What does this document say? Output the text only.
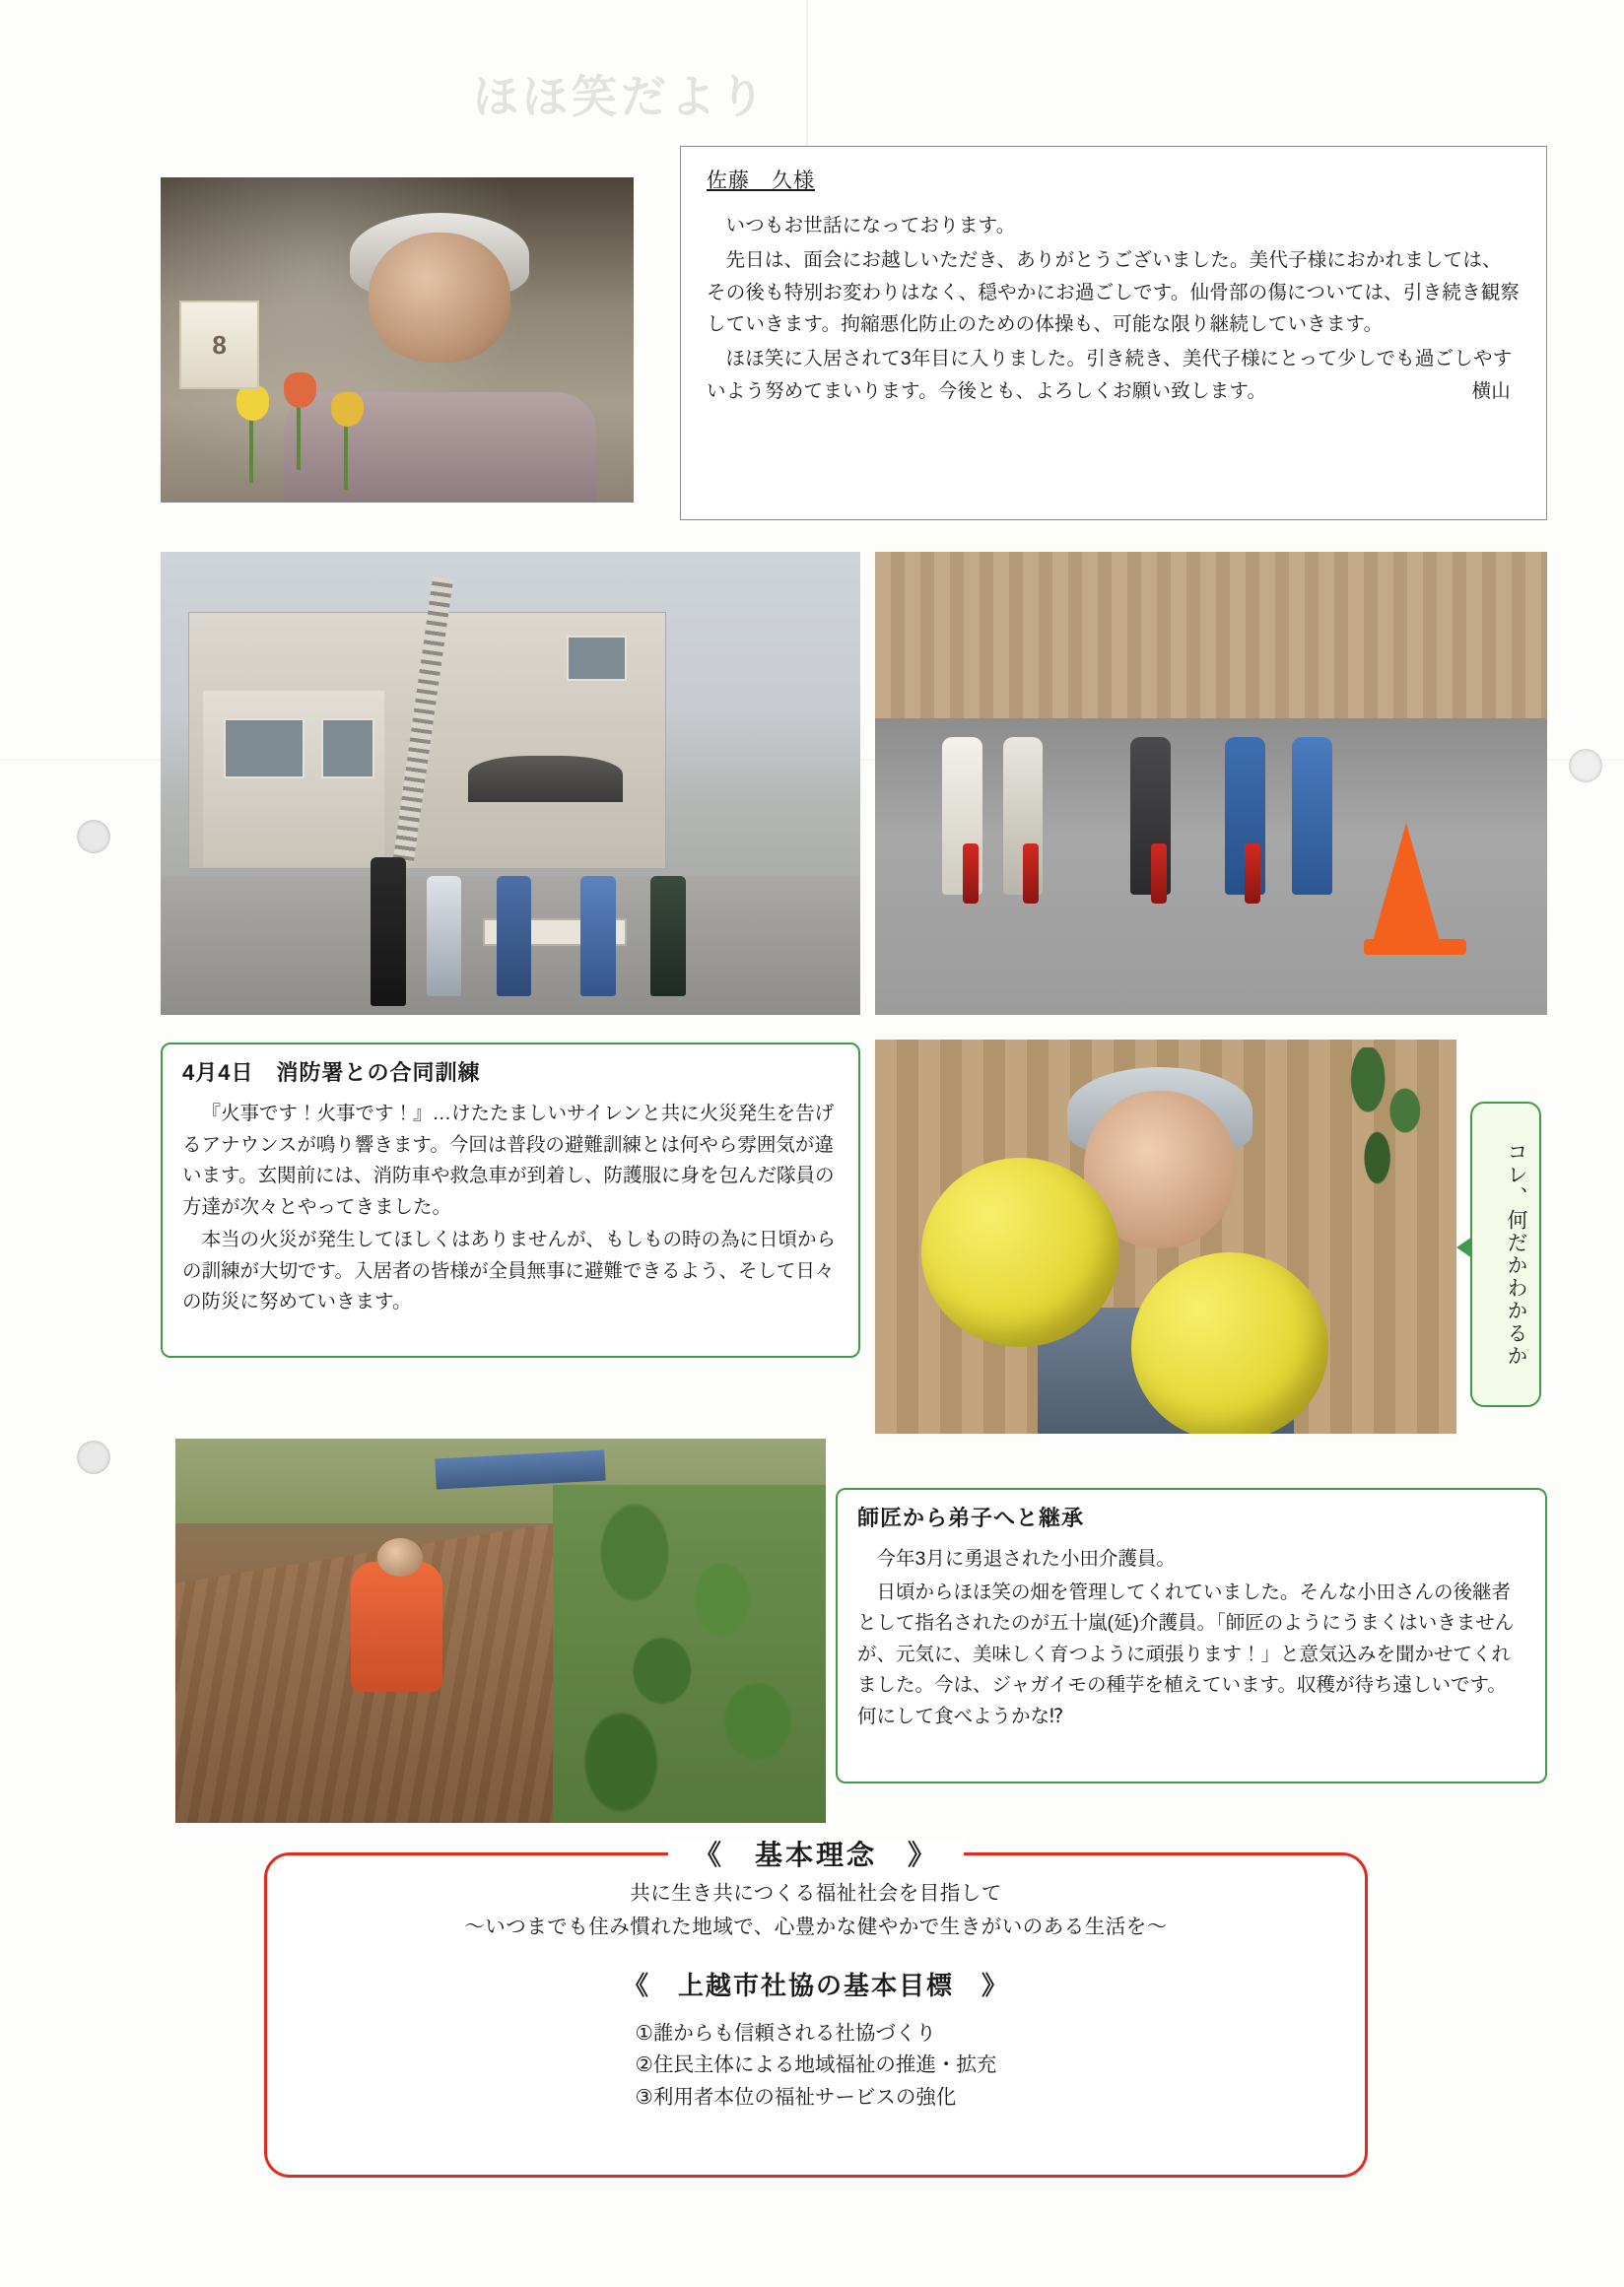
ほほ笑だより
8
佐藤　久様

いつもお世話になっております。

先日は、面会にお越しいただき、ありがとうございました。美代子様におかれましては、その後も特別お変わりはなく、穏やかにお過ごしです。仙骨部の傷については、引き続き観察していきます。拘縮悪化防止のための体操も、可能な限り継続していきます。

ほほ笑に入居されて3年目に入りました。引き続き、美代子様にとって少しでも過ごしやすいよう努めてまいります。今後とも、よろしくお願い致します。	横山

4月4日　消防署との合同訓練

『火事です！火事です！』…けたたましいサイレンと共に火災発生を告げるアナウンスが鳴り響きます。今回は普段の避難訓練とは何やら雰囲気が違います。玄関前には、消防車や救急車が到着し、防護服に身を包んだ隊員の方達が次々とやってきました。

本当の火災が発生してほしくはありませんが、もしもの時の為に日頃からの訓練が大切です。入居者の皆様が全員無事に避難できるよう、そして日々の防災に努めていきます。	コレ、何だかわかるか
師匠から弟子へと継承

今年3月に勇退された小田介護員。

日頃からほほ笑の畑を管理してくれていました。そんな小田さんの後継者として指名されたのが五十嵐(延)介護員。「師匠のようにうまくはいきませんが、元気に、美味しく育つように頑張ります！」と意気込みを聞かせてくれました。今は、ジャガイモの種芋を植えています。収穫が待ち遠しいです。何にして食べようかな⁉

《　基本理念　》
共に生き共につくる福祉社会を目指して
〜いつまでも住み慣れた地域で、心豊かな健やかで生きがいのある生活を〜
《　上越市社協の基本目標　》
①誰からも信頼される社協づくり
②住民主体による地域福祉の推進・拡充
③利用者本位の福祉サービスの強化
